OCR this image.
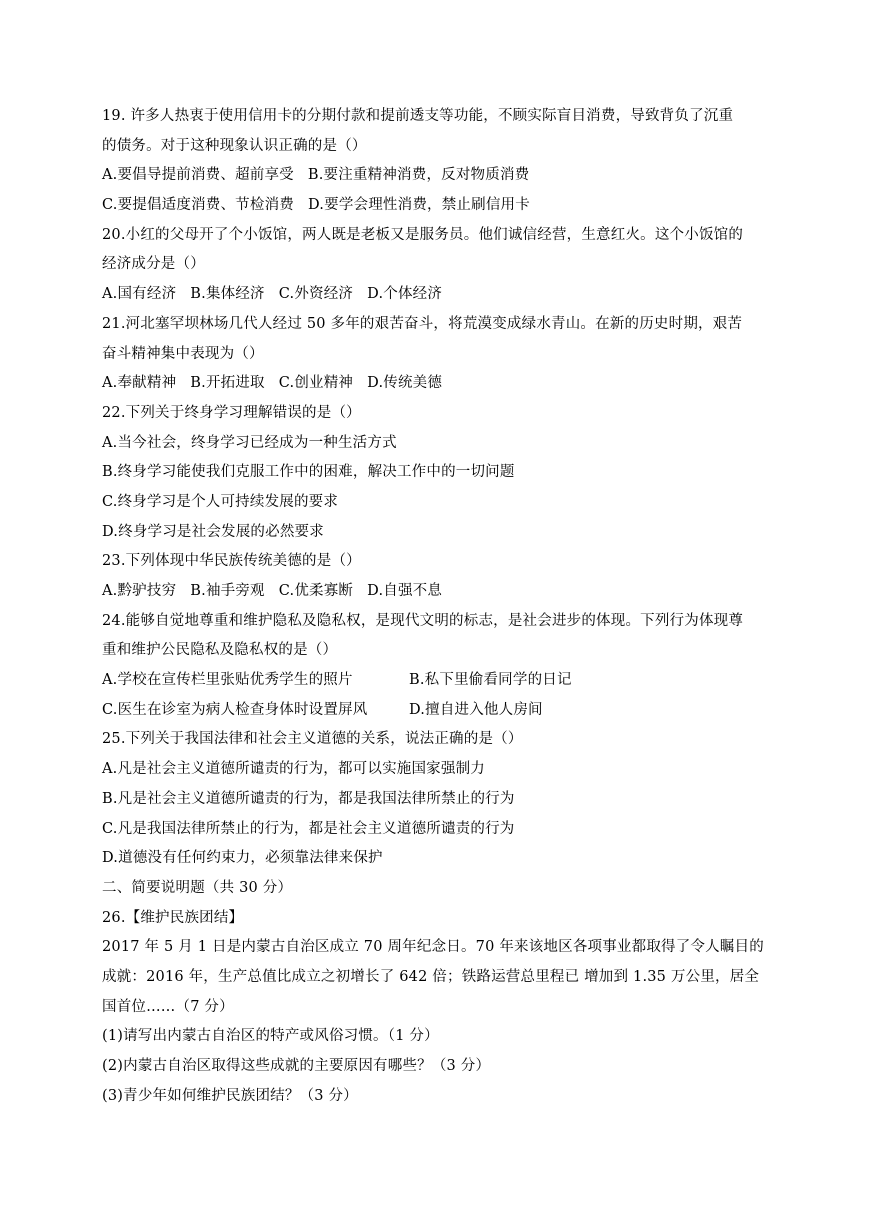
19. 许多人热衷于使用信用卡的分期付款和提前透支等功能，不顾实际盲目消费，导致背负了沉重
的债务。对于这种现象认识正确的是（）
A.要倡导提前消费、超前享受 B.要注重精神消费，反对物质消费
C.要提倡适度消费、节检消费 D.要学会理性消费，禁止刷信用卡
20.小红的父母开了个小饭馆，两人既是老板又是服务员。他们诚信经营，生意红火。这个小饭馆的
经济成分是（）
A.国有经济 B.集体经济 C.外资经济 D.个体经济
21.河北塞罕坝林场几代人经过 50 多年的艰苦奋斗，将荒漠变成绿水青山。在新的历史时期，艰苦
奋斗精神集中表现为（）
A.奉献精神 B.开拓进取 C.创业精神 D.传统美德
22.下列关于终身学习理解错误的是（）
A.当今社会，终身学习已经成为一种生活方式
B.终身学习能使我们克服工作中的困难，解决工作中的一切问题
C.终身学习是个人可持续发展的要求
D.终身学习是社会发展的必然要求
23.下列体现中华民族传统美德的是（）
A.黔驴技穷 B.袖手旁观 C.优柔寡断 D.自强不息
24.能够自觉地尊重和维护隐私及隐私权，是现代文明的标志，是社会进步的体现。下列行为体现尊
重和维护公民隐私及隐私权的是（）
A.学校在宣传栏里张贴优秀学生的照片	B.私下里偷看同学的日记
C.医生在诊室为病人检查身体时设置屏风	D.擅自进入他人房间
25.下列关于我国法律和社会主义道德的关系，说法正确的是（）
A.凡是社会主义道德所谴责的行为，都可以实施国家强制力
B.凡是社会主义道德所谴责的行为，都是我国法律所禁止的行为
C.凡是我国法律所禁止的行为，都是社会主义道德所谴责的行为
D.道德没有任何约束力，必须靠法律来保护
二、简要说明题（共 30 分）
26.【维护民族团结】
2017 年 5 月 1 日是内蒙古自治区成立 70 周年纪念日。70 年来该地区各项事业都取得了令人瞩目的
成就：2016 年，生产总值比成立之初增长了 642 倍；铁路运营总里程已 增加到 1.35 万公里，居全
国首位……（7 分）
(1)请写出内蒙古自治区的特产或风俗习惯。（1 分）
(2)内蒙古自治区取得这些成就的主要原因有哪些？（3 分）
(3)青少年如何维护民族团结？（3 分）
